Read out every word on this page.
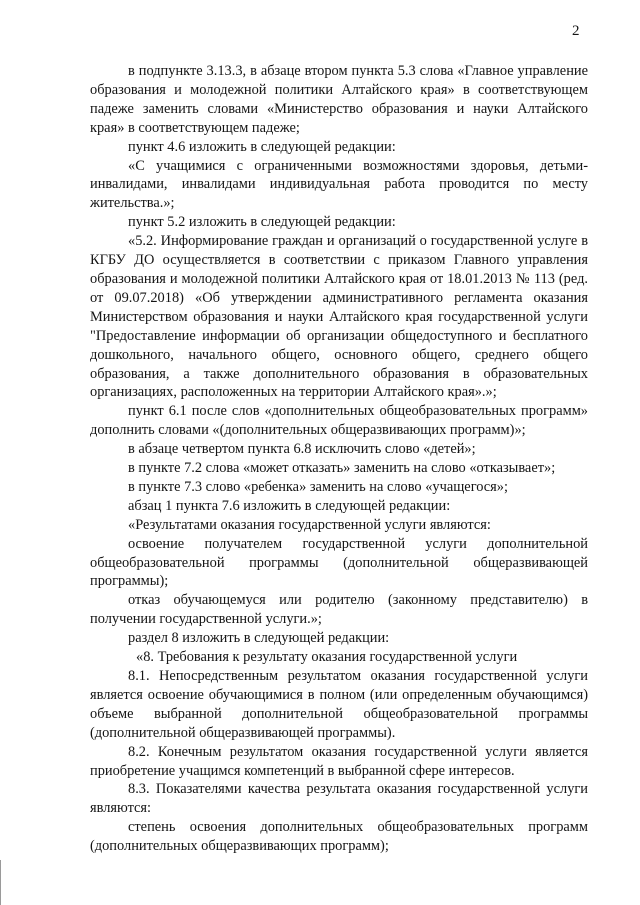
2

в подпункте 3.13.3, в абзаце втором пункта 5.3 слова «Главное управление образования и молодежной политики Алтайского края» в соответствующем падеже заменить словами «Министерство образования и науки Алтайского края» в соответствующем падеже;

пункт 4.6 изложить в следующей редакции:

«С учащимися с ограниченными возможностями здоровья, детьми-инвалидами, инвалидами индивидуальная работа проводится по месту жительства.»;

пункт 5.2 изложить в следующей редакции:

«5.2. Информирование граждан и организаций о государственной услуге в КГБУ ДО осуществляется в соответствии с приказом Главного управления образования и молодежной политики Алтайского края от 18.01.2013 № 113 (ред. от 09.07.2018) «Об утверждении административного регламента оказания Министерством образования и науки Алтайского края государственной услуги "Предоставление информации об организации общедоступного и бесплатного дошкольного, начального общего, основного общего, среднего общего образования, а также дополнительного образования в образовательных организациях, расположенных на территории Алтайского края».»;

пункт 6.1 после слов «дополнительных общеобразовательных программ» дополнить словами «(дополнительных общеразвивающих программ)»;

в абзаце четвертом пункта 6.8 исключить слово «детей»;

в пункте 7.2 слова «может отказать» заменить на слово «отказывает»;

в пункте 7.3 слово «ребенка» заменить на слово «учащегося»;

абзац 1 пункта 7.6 изложить в следующей редакции:

«Результатами оказания государственной услуги являются:

освоение получателем государственной услуги дополнительной общеобразовательной программы (дополнительной общеразвивающей программы);

отказ обучающемуся или родителю (законному представителю) в получении государственной услуги.»;

раздел 8 изложить в следующей редакции:

«8. Требования к результату оказания государственной услуги

8.1. Непосредственным результатом оказания государственной услуги является освоение обучающимися в полном (или определенным обучающимся) объеме выбранной дополнительной общеобразовательной программы (дополнительной общеразвивающей программы).

8.2. Конечным результатом оказания государственной услуги является приобретение учащимся компетенций в выбранной сфере интересов.

8.3. Показателями качества результата оказания государственной услуги являются:

степень освоения дополнительных общеобразовательных программ (дополнительных общеразвивающих программ);
